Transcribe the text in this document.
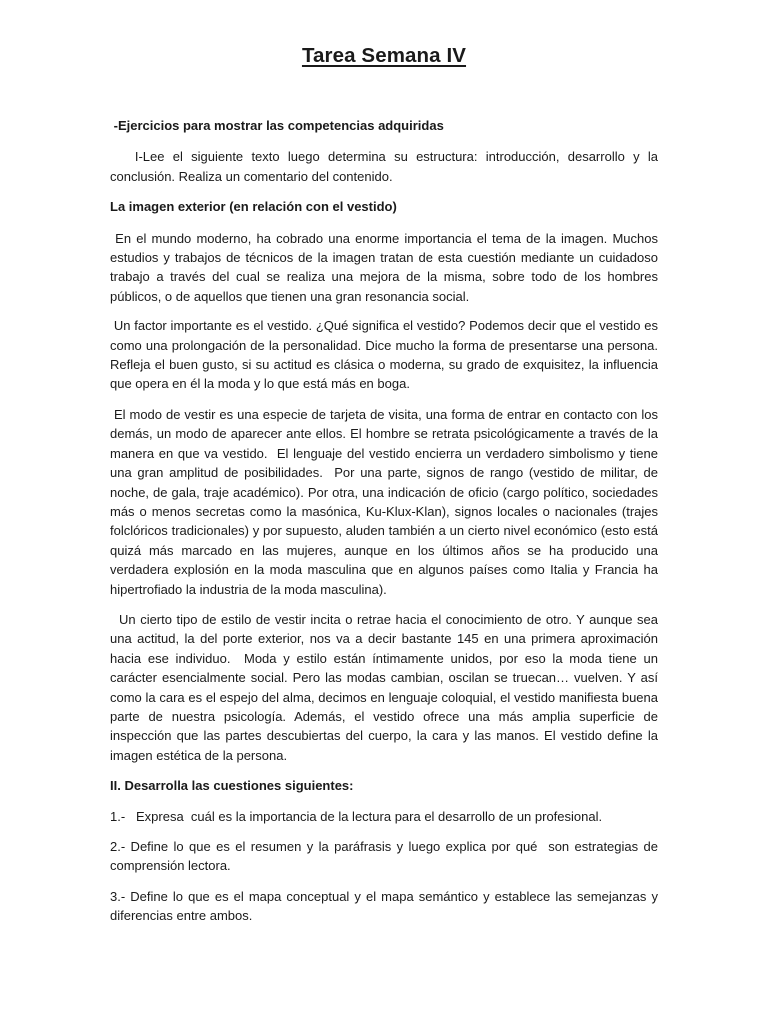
Tarea Semana IV

-Ejercicios para mostrar las competencias adquiridas

I-Lee el siguiente texto luego determina su estructura: introducción, desarrollo y la conclusión. Realiza un comentario del contenido.

La imagen exterior (en relación con el vestido)

En el mundo moderno, ha cobrado una enorme importancia el tema de la imagen. Muchos estudios y trabajos de técnicos de la imagen tratan de esta cuestión mediante un cuidadoso trabajo a través del cual se realiza una mejora de la misma, sobre todo de los hombres públicos, o de aquellos que tienen una gran resonancia social.

Un factor importante es el vestido. ¿Qué significa el vestido? Podemos decir que el vestido es como una prolongación de la personalidad. Dice mucho la forma de presentarse una persona. Refleja el buen gusto, si su actitud es clásica o moderna, su grado de exquisitez, la influencia que opera en él la moda y lo que está más en boga.

El modo de vestir es una especie de tarjeta de visita, una forma de entrar en contacto con los demás, un modo de aparecer ante ellos. El hombre se retrata psicológicamente a través de la manera en que va vestido.  El lenguaje del vestido encierra un verdadero simbolismo y tiene una gran amplitud de posibilidades.  Por una parte, signos de rango (vestido de militar, de noche, de gala, traje académico). Por otra, una indicación de oficio (cargo político, sociedades más o menos secretas como la masónica, Ku-Klux-Klan), signos locales o nacionales (trajes folclóricos tradicionales) y por supuesto, aluden también a un cierto nivel económico (esto está quizá más marcado en las mujeres, aunque en los últimos años se ha producido una verdadera explosión en la moda masculina que en algunos países como Italia y Francia ha hipertrofiado la industria de la moda masculina).

Un cierto tipo de estilo de vestir incita o retrae hacia el conocimiento de otro. Y aunque sea una actitud, la del porte exterior, nos va a decir bastante 145 en una primera aproximación hacia ese individuo.  Moda y estilo están íntimamente unidos, por eso la moda tiene un carácter esencialmente social. Pero las modas cambian, oscilan se truecan… vuelven. Y así como la cara es el espejo del alma, decimos en lenguaje coloquial, el vestido manifiesta buena parte de nuestra psicología. Además, el vestido ofrece una más amplia superficie de inspección que las partes descubiertas del cuerpo, la cara y las manos. El vestido define la imagen estética de la persona.

II. Desarrolla las cuestiones siguientes:

1.-   Expresa  cuál es la importancia de la lectura para el desarrollo de un profesional.

2.- Define lo que es el resumen y la paráfrasis y luego explica por qué  son estrategias de comprensión lectora.

3.- Define lo que es el mapa conceptual y el mapa semántico y establece las semejanzas y diferencias entre ambos.
